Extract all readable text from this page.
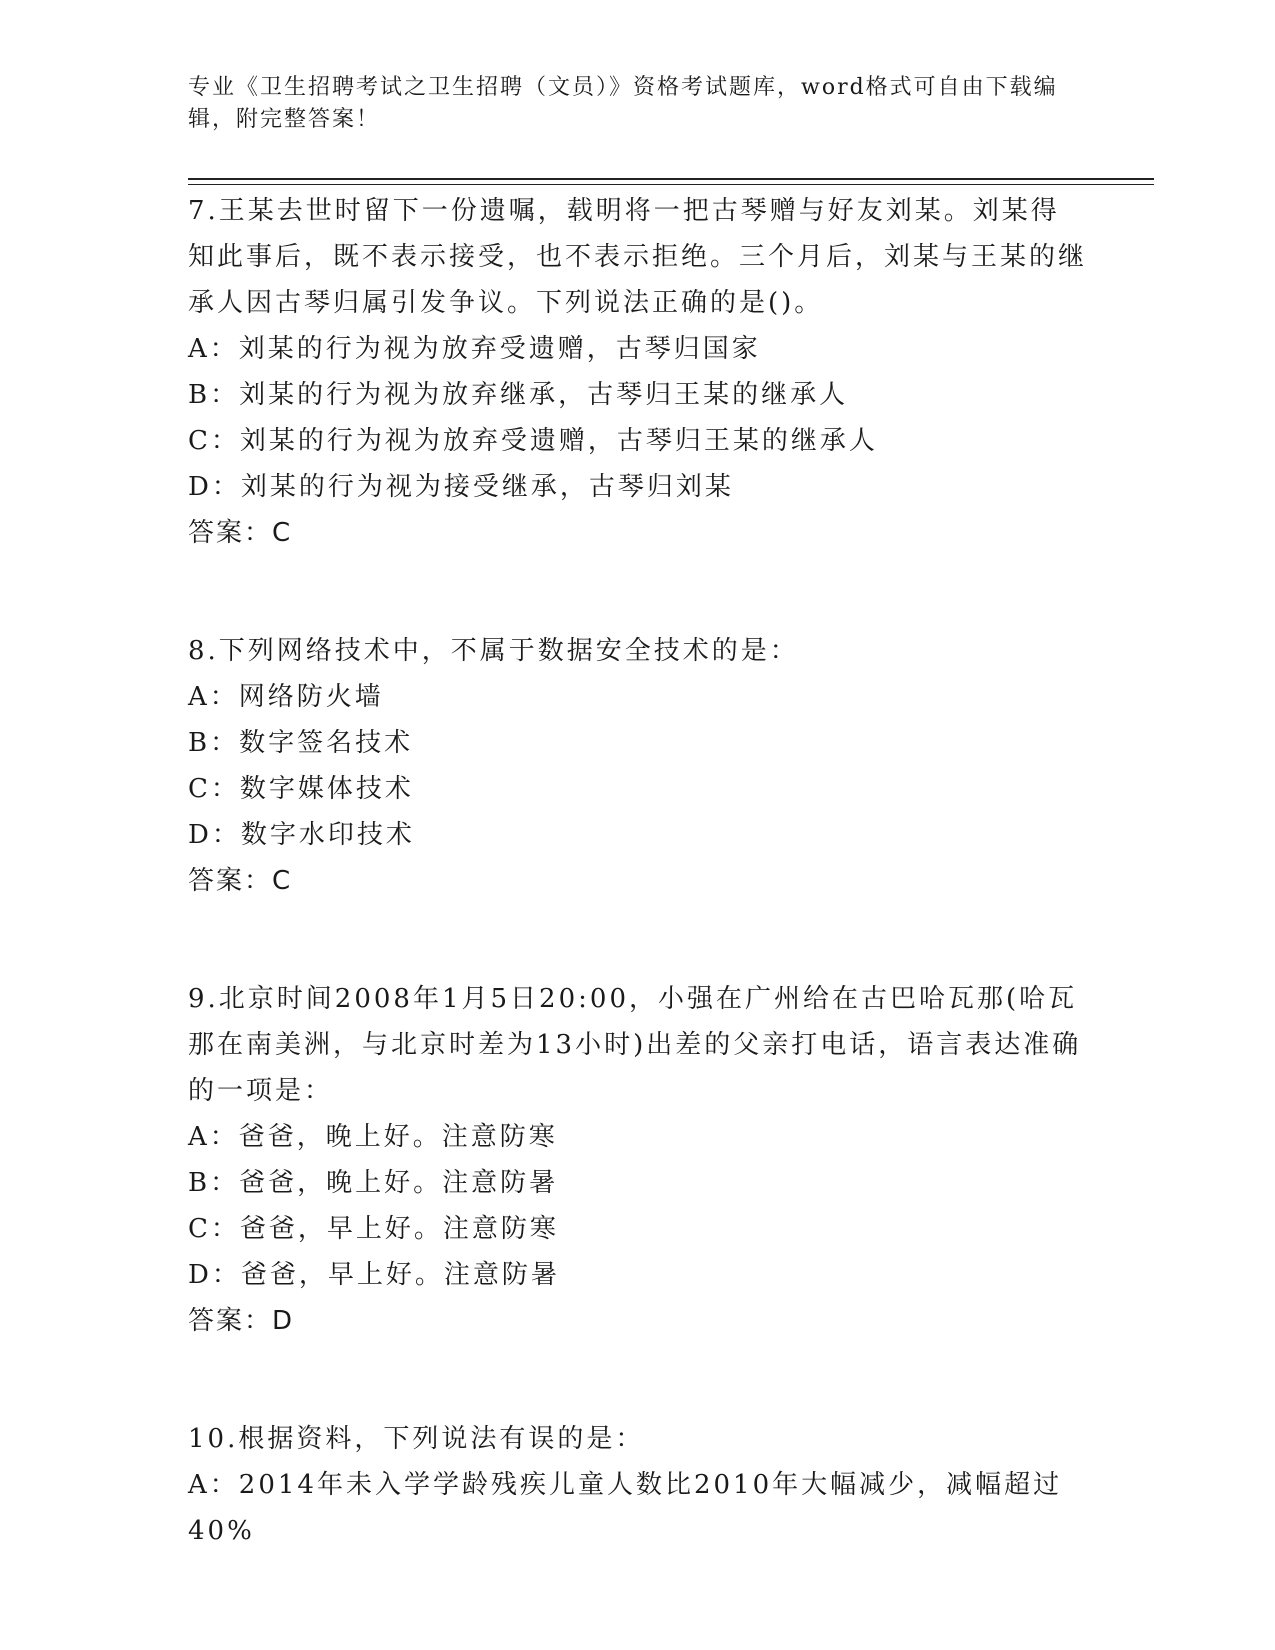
专业《卫生招聘考试之卫生招聘（文员）》资格考试题库，word格式可自由下载编辑，附完整答案！

7.王某去世时留下一份遗嘱，载明将一把古琴赠与好友刘某。刘某得知此事后，既不表示接受，也不表示拒绝。三个月后，刘某与王某的继承人因古琴归属引发争议。下列说法正确的是()。

A：刘某的行为视为放弃受遗赠，古琴归国家

B：刘某的行为视为放弃继承，古琴归王某的继承人

C：刘某的行为视为放弃受遗赠，古琴归王某的继承人

D：刘某的行为视为接受继承，古琴归刘某

答案：C

8.下列网络技术中，不属于数据安全技术的是：

A：网络防火墙

B：数字签名技术

C：数字媒体技术

D：数字水印技术

答案：C

9.北京时间2008年1月5日20:00，小强在广州给在古巴哈瓦那(哈瓦那在南美洲，与北京时差为13小时)出差的父亲打电话，语言表达准确的一项是：

A：爸爸，晚上好。注意防寒

B：爸爸，晚上好。注意防暑

C：爸爸，早上好。注意防寒

D：爸爸，早上好。注意防暑

答案：D

10.根据资料，下列说法有误的是：

A：2014年未入学学龄残疾儿童人数比2010年大幅减少，减幅超过40%
